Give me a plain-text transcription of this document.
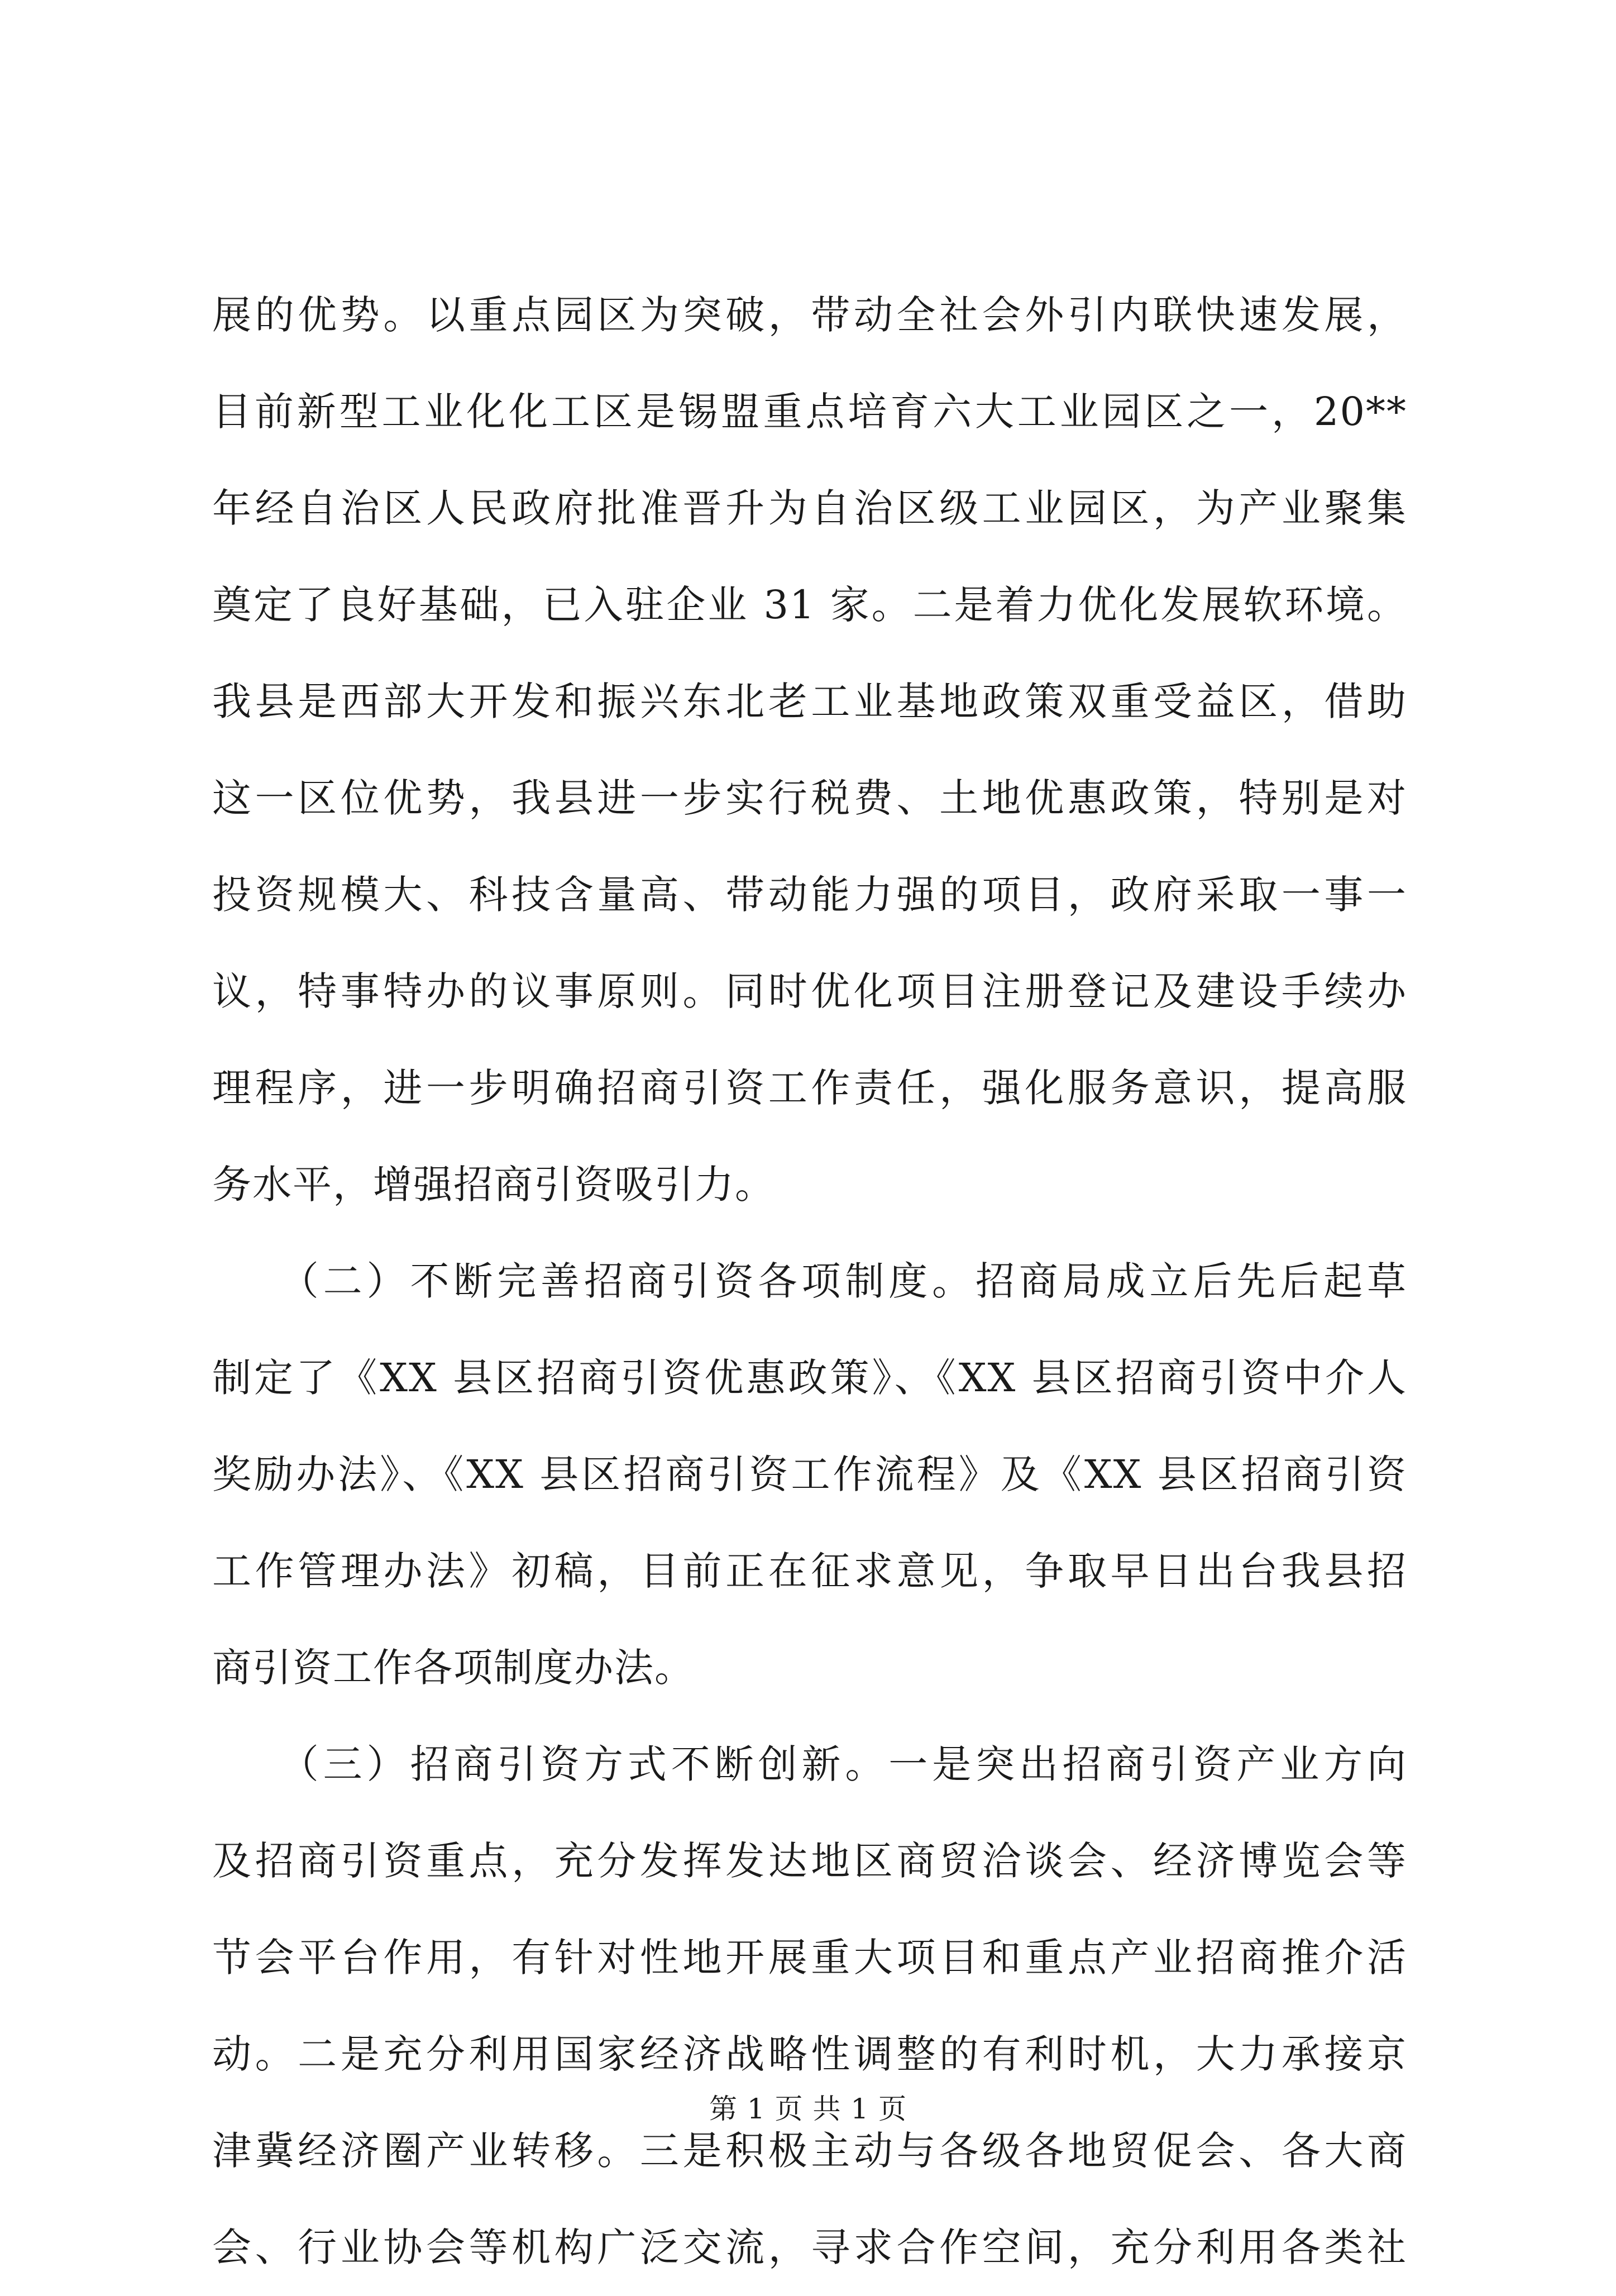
展的优势。以重点园区为突破，带动全社会外引内联快速发展，
目前新型工业化化工区是锡盟重点培育六大工业园区之一，20**
年经自治区人民政府批准晋升为自治区级工业园区，为产业聚集
奠定了良好基础，已入驻企业 31 家。二是着力优化发展软环境。
我县是西部大开发和振兴东北老工业基地政策双重受益区，借助
这一区位优势，我县进一步实行税费、土地优惠政策，特别是对
投资规模大、科技含量高、带动能力强的项目，政府采取一事一
议，特事特办的议事原则。同时优化项目注册登记及建设手续办
理程序，进一步明确招商引资工作责任，强化服务意识，提高服
务水平，增强招商引资吸引力。
　　（二）不断完善招商引资各项制度。招商局成立后先后起草
制定了《XX 县区招商引资优惠政策》、《XX 县区招商引资中介人
奖励办法》、《XX 县区招商引资工作流程》及《XX 县区招商引资
工作管理办法》初稿，目前正在征求意见，争取早日出台我县招
商引资工作各项制度办法。
　　（三）招商引资方式不断创新。一是突出招商引资产业方向
及招商引资重点，充分发挥发达地区商贸洽谈会、经济博览会等
节会平台作用，有针对性地开展重大项目和重点产业招商推介活
动。二是充分利用国家经济战略性调整的有利时机，大力承接京
津冀经济圈产业转移。三是积极主动与各级各地贸促会、各大商
会、行业协会等机构广泛交流，寻求合作空间，充分利用各类社
第 1 页 共 1 页
